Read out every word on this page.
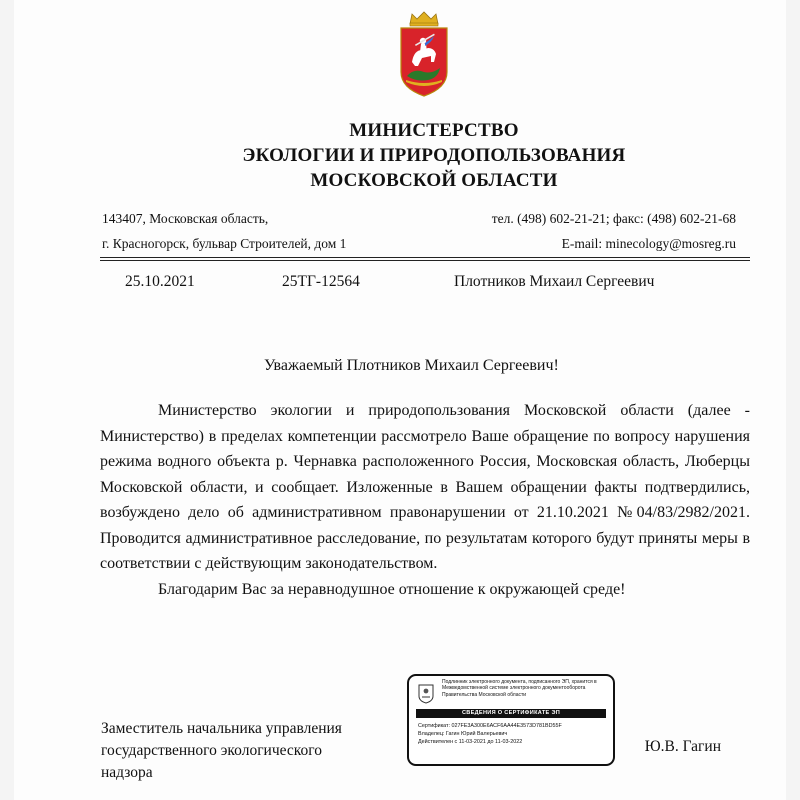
МИНИСТЕРСТВО
ЭКОЛОГИИ И ПРИРОДОПОЛЬЗОВАНИЯ
МОСКОВСКОЙ ОБЛАСТИ
143407, Московская область,
г. Красногорск, бульвар Строителей, дом 1
тел. (498) 602-21-21; факс: (498) 602-21-68
E-mail: minecology@mosreg.ru
25.10.2021	25ТГ-12564	Плотников Михаил Сергеевич
Уважаемый Плотников Михаил Сергеевич!

Министерство экологии и природопользования Московской области (далее - Министерство) в пределах компетенции рассмотрело Ваше обращение по вопросу нарушения режима водного объекта р. Чернавка расположенного Россия, Московская область, Люберцы Московской области, и сообщает. Изложенные в Вашем обращении факты подтвердились, возбуждено дело об административном правонарушении от 21.10.2021 №04/83/2982/2021. Проводится административное расследование, по результатам которого будут приняты меры в соответствии с действующим законодательством.

Благодарим Вас за неравнодушное отношение к окружающей среде!

Подлинник электронного документа, подписанного ЭП, хранится в Межведомственной системе электронного документооборота Правительства Московской области
СВЕДЕНИЯ О СЕРТИФИКАТЕ ЭП
Сертификат: 027FE3A300E6ACF6AA44E3573D781BD55F
Владелец: Гагин Юрий Валерьевич
Действителен с 11-03-2021 до 11-03-2022
Заместитель начальника управления
государственного экологического
надзора
Ю.В. Гагин
